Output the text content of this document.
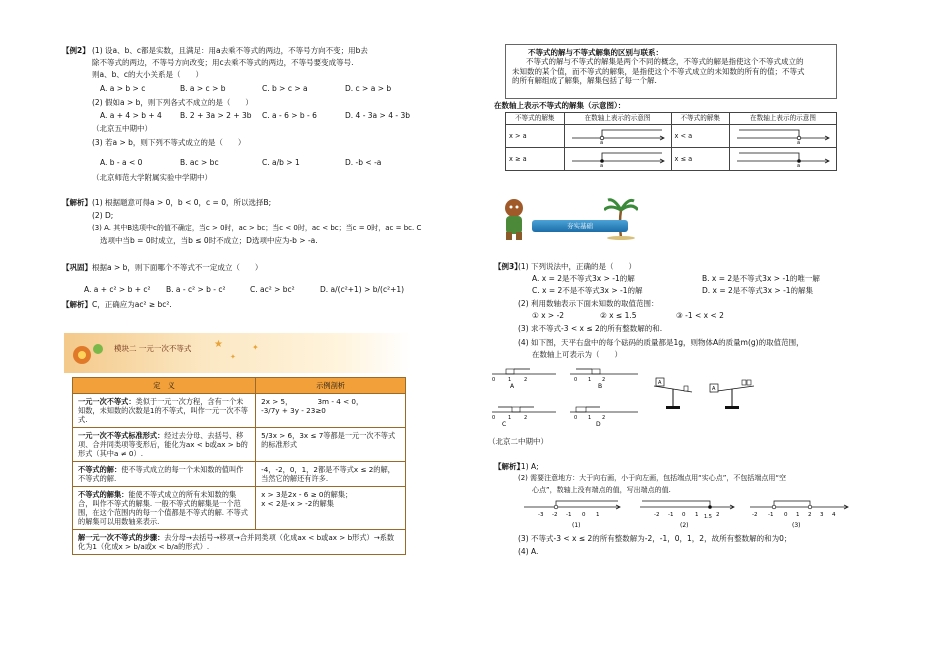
【例2】 (1) 设a、b、c都是实数，且满足：用a去乘不等式的两边，不等号方向不变；用b去
除不等式的两边，不等号方向改变；用c去乘不等式的两边，不等号要变成等号.
则a、b、c的大小关系是（　　）
A. a > b > c	B. a > c > b	C. b > c > a	D. c > a > b
(2) 假如a > b，则下列各式不成立的是（　　）
A. a + 4 > b + 4 B. 2 + 3a > 2 + 3b C. a - 6 > b - 6	D. 4 - 3a > 4 - 3b
（北京五中期中）
(3) 若a > b，则下列不等式成立的是（　　）
A. b - a < 0	B. ac > bc	C. a/b > 1	D. -b < -a
（北京师范大学附属实验中学期中）
【解析】 (1) 根据题意可得a > 0，b < 0，c = 0，所以选择B;
(2) D;
(3) A. 其中B选项中c的值不确定，当c > 0时，ac > bc；当c < 0时，ac < bc；当c = 0时，ac = bc. C
选项中当b = 0时成立，当b ≤ 0时不成立；D选项中应为-b > -a.
【巩固】 根据a > b，则下面哪个不等式不一定成立（　　）
A. a + c² > b + c² B. a - c² > b - c²	C. ac² > bc²	D. a/(c²+1) > b/(c²+1)
【解析】 C，正确应为ac² ≥ bc².
模块二 一元一次不等式 ★
✦
✦
定　义	示例剖析
一元一次不等式：类似于一元一次方程，含有一个未知数，未知数的次数是1的不等式，叫作一元一次不等式.	2x > 5，　　　　3m - 4 < 0，
-3/7y + 3y - 23≥0
一元一次不等式标准形式：经过去分母、去括号、移项、合并同类项等变形后，能化为ax < b或ax > b的形式（其中a ≠ 0）.	5/3x > 6，3x ≤ 7等都是一元一次不等式的标准形式
不等式的解：使不等式成立的每一个未知数的值叫作不等式的解.	-4，-2，0，1，2都是不等式x ≤ 2的解，当然它的解还有许多.
不等式的解集：能使不等式成立的所有未知数的集合，叫作不等式的解集. 一般不等式的解集是一个范围，在这个范围内的每一个值都是不等式的解. 不等式的解集可以用数轴来表示.	x > 3是2x - 6 ≥ 0的解集；
x < 2是-x > -2的解集
解一元一次不等式的步骤：去分母→去括号→移项→合并同类项（化成ax < b或ax > b形式）→系数化为1（化成x > b/a或x < b/a的形式）.	
不等式的解与不等式解集的区别与联系：
不等式的解与不等式的解集是两个不同的概念，不等式的解是指使这个不等式成立的
未知数的某个值，而不等式的解集，是指使这个不等式成立的未知数的所有的值；不等式
的所有解组成了解集，解集包括了每一个解.
在数轴上表示不等式的解集（示意图）：
不等式的解集	在数轴上表示的示意图	不等式的解集	在数轴上表示的示意图
x > a	a	x < a	a

x ≥ a	a	x ≤ a	a
夯实基础
【例3】
(1) 下列说法中，正确的是（　　）
A. x = 2是不等式3x > -1的解	B. x = 2是不等式3x > -1的唯一解
C. x = 2不是不等式3x > -1的解	D. x = 2是不等式3x > -1的解集
(2) 利用数轴表示下面未知数的取值范围：
① x > -2	② x ≤ 1.5	③ -1 < x < 2
(3) 求不等式-3 < x ≤ 2的所有整数解的和.
(4) 如下图，天平右盘中的每个砝码的质量都是1g，则物体A的质量m(g)的取值范围，
在数轴上可表示为（　　）
0	1	2
A
0 1 2
B
0	1	2
C
0 1 2
D
A
A
（北京二中期中）
【解析】
(1) A;
(2) 需要注意地方：大于向右画，小于向左画，包括端点用“实心点”，不包括端点用“空
心点”，数轴上没有端点的值，写出端点的值.
-3 -2 -1 0 1
(1)
-2 -1 0 1 1.5 2
(2)
-2 -1 0 1 2 3 4
(3)
(3) 不等式-3 < x ≤ 2的所有整数解为-2，-1，0，1，2，故所有整数解的和为0；
(4) A.
